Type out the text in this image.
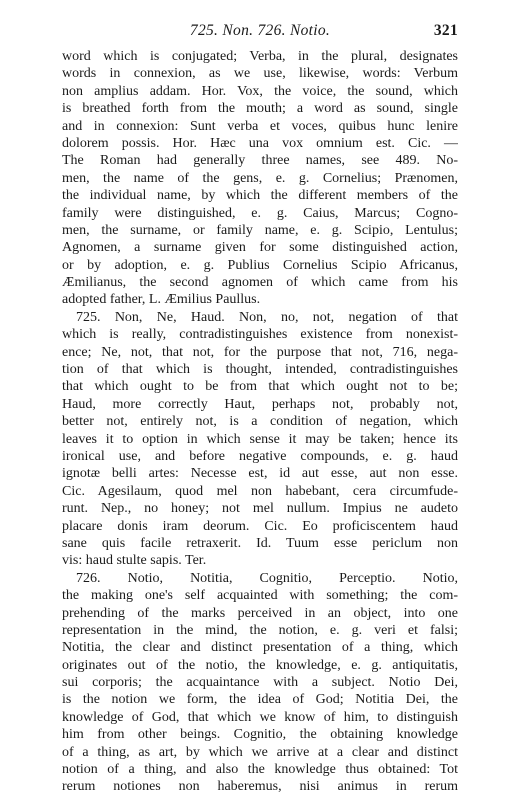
725. Non. 726. Notio.	321
word which is conjugated; Verba, in the plural, designates
words in connexion, as we use, likewise, words: Verbum
non amplius addam. Hor. Vox, the voice, the sound, which
is breathed forth from the mouth; a word as sound, single
and in connexion: Sunt verba et voces, quibus hunc lenire
dolorem possis. Hor. Hæc una vox omnium est. Cic. —
The Roman had generally three names, see 489. No-
men, the name of the gens, e. g. Cornelius; Prænomen,
the individual name, by which the different members of the
family were distinguished, e. g. Caius, Marcus; Cogno-
men, the surname, or family name, e. g. Scipio, Lentulus;
Agnomen, a surname given for some distinguished action,
or by adoption, e. g. Publius Cornelius Scipio Africanus,
Æmilianus, the second agnomen of which came from his
adopted father, L. Æmilius Paullus.
725. Non, Ne, Haud. Non, no, not, negation of that
which is really, contradistinguishes existence from nonexist-
ence; Ne, not, that not, for the purpose that not, 716, nega-
tion of that which is thought, intended, contradistinguishes
that which ought to be from that which ought not to be;
Haud, more correctly Haut, perhaps not, probably not,
better not, entirely not, is a condition of negation, which
leaves it to option in which sense it may be taken; hence its
ironical use, and before negative compounds, e. g. haud
ignotæ belli artes: Necesse est, id aut esse, aut non esse.
Cic. Agesilaum, quod mel non habebant, cera circumfude-
runt. Nep., no honey; not mel nullum. Impius ne audeto
placare donis iram deorum. Cic. Eo proficiscentem haud
sane quis facile retraxerit. Id. Tuum esse periclum non
vis: haud stulte sapis. Ter.
726. Notio, Notitia, Cognitio, Perceptio. Notio,
the making one's self acquainted with something; the com-
prehending of the marks perceived in an object, into one
representation in the mind, the notion, e. g. veri et falsi;
Notitia, the clear and distinct presentation of a thing, which
originates out of the notio, the knowledge, e. g. antiquitatis,
sui corporis; the acquaintance with a subject. Notio Dei,
is the notion we form, the idea of God; Notitia Dei, the
knowledge of God, that which we know of him, to distinguish
him from other beings. Cognitio, the obtaining knowledge
of a thing, as art, by which we arrive at a clear and distinct
notion of a thing, and also the knowledge thus obtained: Tot
rerum notiones non haberemus, nisi animus in rerum
